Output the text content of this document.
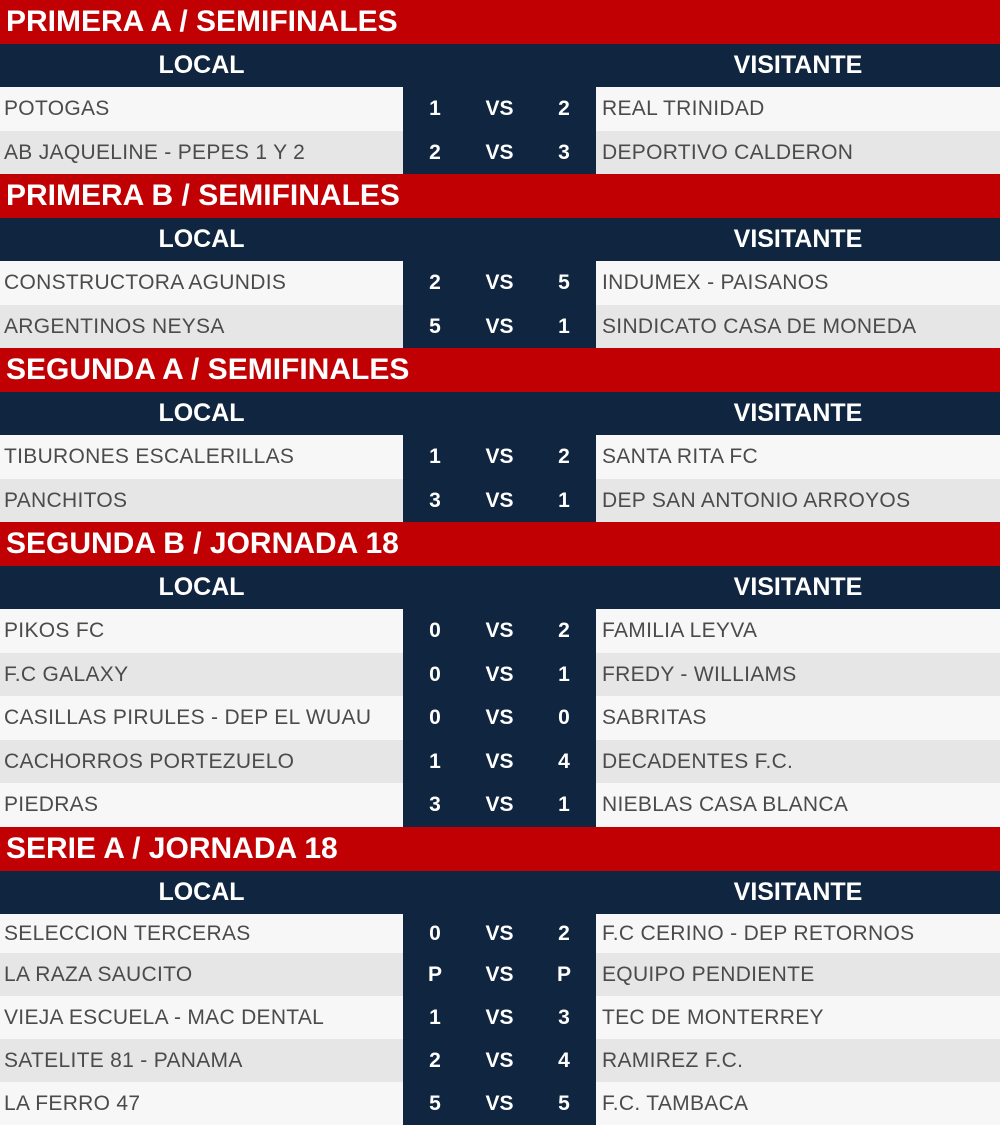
PRIMERA A / SEMIFINALES
LOCAL	VISITANTE
POTOGAS	1	VS	2	REAL TRINIDAD
AB JAQUELINE - PEPES 1 Y 2	2	VS	3	DEPORTIVO CALDERON
PRIMERA B / SEMIFINALES
LOCAL	VISITANTE
CONSTRUCTORA AGUNDIS	2	VS	5	INDUMEX - PAISANOS
ARGENTINOS NEYSA	5	VS	1	SINDICATO CASA DE MONEDA
SEGUNDA A / SEMIFINALES
LOCAL	VISITANTE
TIBURONES ESCALERILLAS	1	VS	2	SANTA RITA FC
PANCHITOS	3	VS	1	DEP SAN ANTONIO ARROYOS
SEGUNDA B / JORNADA 18
LOCAL	VISITANTE
PIKOS FC	0	VS	2	FAMILIA LEYVA
F.C GALAXY	0	VS	1	FREDY - WILLIAMS
CASILLAS PIRULES - DEP EL WUAU	0	VS	0	SABRITAS
CACHORROS PORTEZUELO	1	VS	4	DECADENTES F.C.
PIEDRAS	3	VS	1	NIEBLAS CASA BLANCA
SERIE A / JORNADA 18
LOCAL	VISITANTE
SELECCION TERCERAS	0	VS	2	F.C CERINO - DEP RETORNOS
LA RAZA SAUCITO	P	VS	P	EQUIPO PENDIENTE
VIEJA ESCUELA - MAC DENTAL	1	VS	3	TEC DE MONTERREY
SATELITE 81 - PANAMA	2	VS	4	RAMIREZ F.C.
LA FERRO 47	5	VS	5	F.C. TAMBACA
